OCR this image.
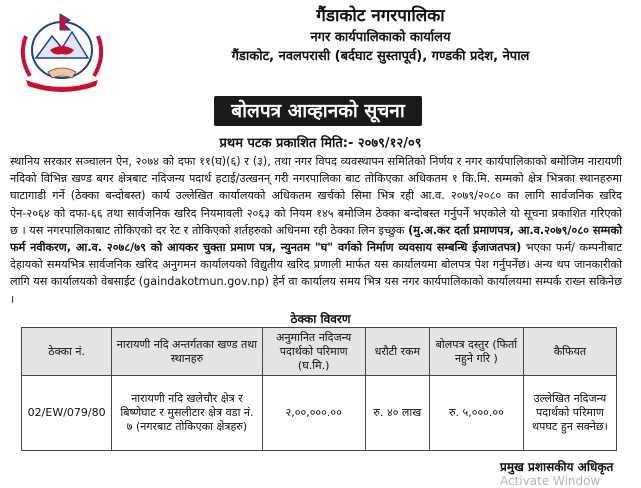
गैंडाकोट नगरपालिका
नगर कार्यपालिकाको कार्यालय
गैंडाकोट, नवलपरासी (बर्दघाट सुस्तापूर्व), गण्डकी प्रदेश, नेपाल
बोलपत्र आव्हानको सूचना
प्रथम पटक प्रकाशित मिति:- २०७९/१२/०९
स्थानिय सरकार सञ्चालन ऐन, २०७४ को दफा ११(घ)(६) र (३), तथा नगर विपद व्यवस्थापन समितिको निर्णय र नगर कार्यपालिकाको बमोजिम नारायणी नदिको विभिन्न खण्ड बगर क्षेत्रबाट नदिजन्य पदार्थ हटाई/उत्खनन् गरी नगरपालिका बाट तोकिएका अधिकतम १ कि.मि. सम्मको क्षेत्र भित्रका स्थानहरुमा घाटागाडी गर्ने (ठेक्का बन्दोबस्त) कार्य उल्लेखित कार्यालयको अधिकतम खर्चको सिमा भित्र रही आ.व. २०७९/२०८० का लागि सार्वजनिक खरिद ऐन-२०६४ को दफा-६६ तथा सार्वजनिक खरिद नियमावली २०६३ को नियम १४५ बमोजिम ठेक्का बन्दोबस्त गर्नुपर्ने भएकोले यो सूचना प्रकाशित गरिएको छ । यस नगरपालिकाबाट तोकिएको दर रेट र तोकिएको शर्तहरुको अधिनमा रही ठेक्का लिन इच्छुक (मु.अ.कर दर्ता प्रमाणपत्र, आ.व.२०७९/०८० सम्मको फर्म नवीकरण, आ.व. २०७८/७९ को आयकर चुक्ता प्रमाण पत्र, न्युनतम "घ" वर्गको निर्माण व्यवसाय सम्बन्धि ईजाजतपत्र) भएका फर्म/ कम्पनीबाट देहायको समयभित्र सार्वजनिक खरिद अनुगमन कार्यालयको विद्युतीय खरिद प्रणाली मार्फत यस कार्यालयमा बोलपत्र पेश गर्नुपर्नेछ। अन्य थप जानकारीको लागि यस कार्यालयको वेबसाईट (gaindakotmun.gov.np) हेर्न वा कार्यालय समय भित्र यस नगर कार्यपालिकाको कार्यालयमा सम्पर्क राख्न सकिनेछ ।
ठेक्का विवरण
ठेक्का नं.	नारायणी नदि अन्तर्गतका खण्ड तथा स्थानहरु	अनुमानित नदिजन्य पदार्थको परिमाण (घ.मि.)	धरौटी रकम	बोलपत्र दस्तुर (फिर्ता नहुने गरि )	कैफियत
02/EW/079/80	नारायणी नदि खलेचौर क्षेत्र र बिष्णेघाट र मुसलीटार क्षेत्र वडा नं. ७ (नगरबाट तोकिएका क्षेत्रहरु)	२,००,०००.००	रु. ४० लाख	रु. ५,०००.००	उल्लेखित नदिजन्य पदार्थको परिमाण थपघट हुन सक्नेछ।
प्रमुख प्रशासकीय अधिकृत
Activate Window
